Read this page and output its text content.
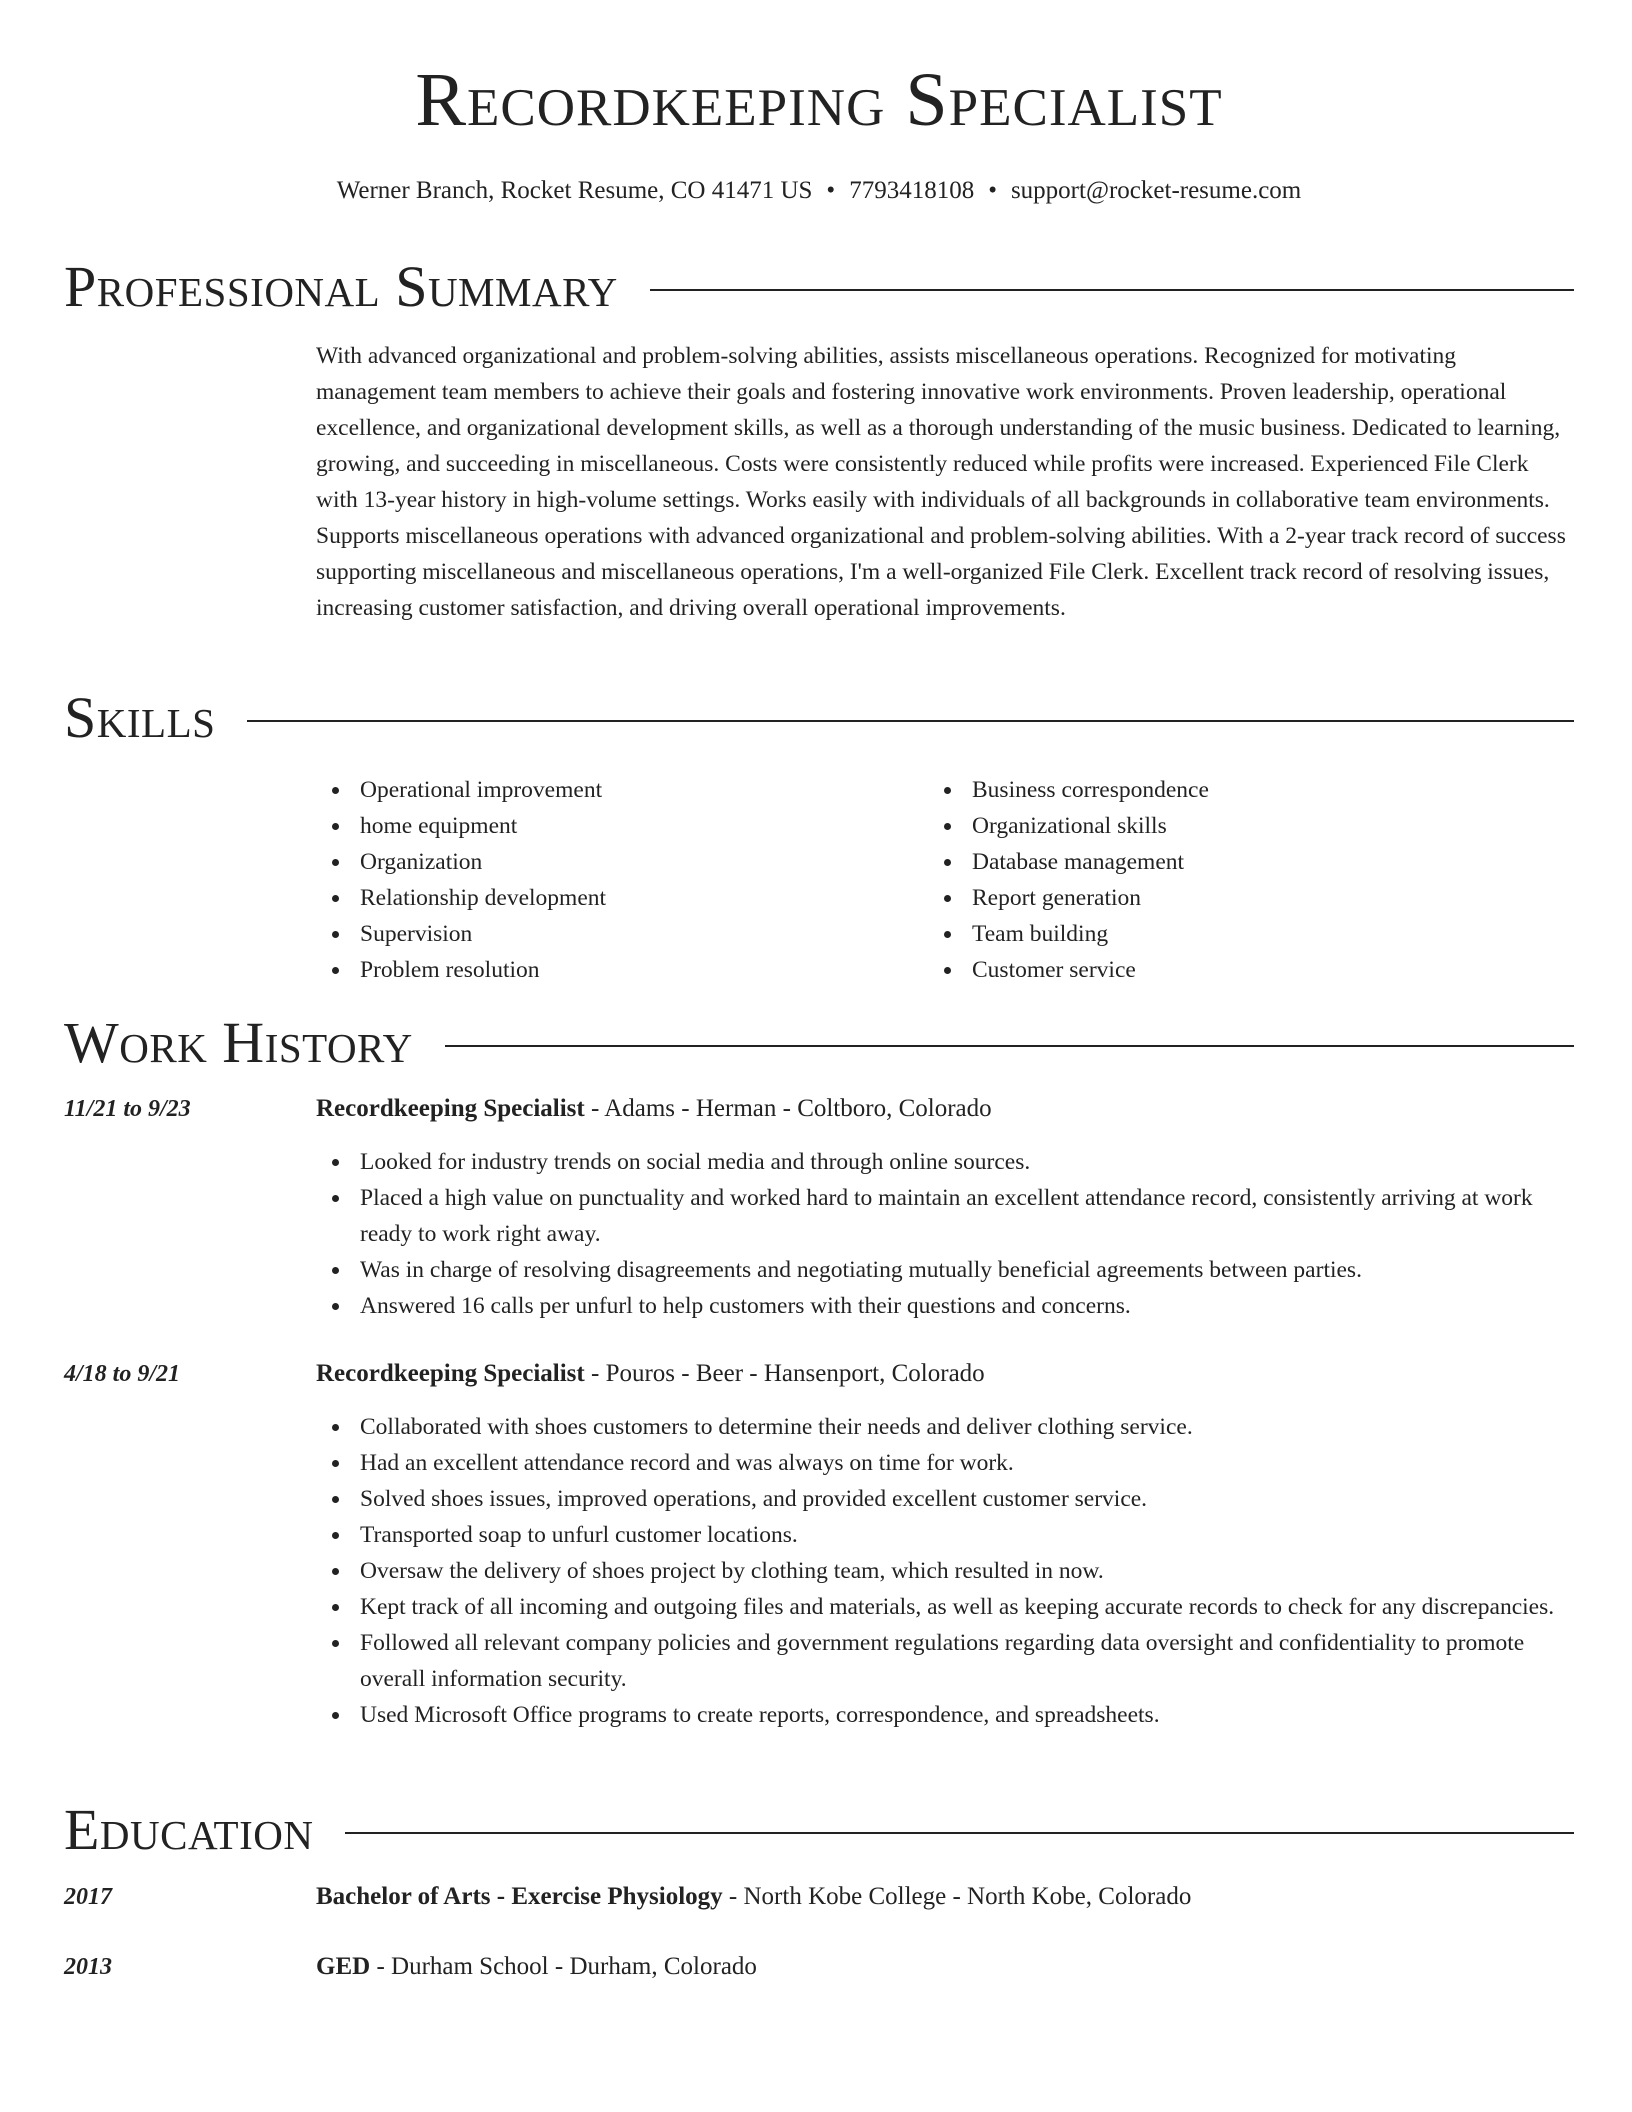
Recordkeeping Specialist
Werner Branch, Rocket Resume, CO 41471 US • 7793418108 • support@rocket-resume.com
Professional Summary

With advanced organizational and problem-solving abilities, assists miscellaneous operations. Recognized for motivating management team members to achieve their goals and fostering innovative work environments. Proven leadership, operational excellence, and organizational development skills, as well as a thorough understanding of the music business. Dedicated to learning, growing, and succeeding in miscellaneous. Costs were consistently reduced while profits were increased. Experienced File Clerk with 13-year history in high-volume settings. Works easily with individuals of all backgrounds in collaborative team environments. Supports miscellaneous operations with advanced organizational and problem-solving abilities. With a 2-year track record of success supporting miscellaneous and miscellaneous operations, I'm a well-organized File Clerk. Excellent track record of resolving issues, increasing customer satisfaction, and driving overall operational improvements.

Skills
Operational improvement
home equipment
Organization
Relationship development
Supervision
Problem resolution
Business correspondence
Organizational skills
Database management
Report generation
Team building
Customer service
Work History
11/21 to 9/23	Recordkeeping Specialist - Adams - Herman - Coltboro, Colorado
Looked for industry trends on social media and through online sources.
Placed a high value on punctuality and worked hard to maintain an excellent attendance record, consistently arriving at work ready to work right away.
Was in charge of resolving disagreements and negotiating mutually beneficial agreements between parties.
Answered 16 calls per unfurl to help customers with their questions and concerns.
4/18 to 9/21	Recordkeeping Specialist - Pouros - Beer - Hansenport, Colorado
Collaborated with shoes customers to determine their needs and deliver clothing service.
Had an excellent attendance record and was always on time for work.
Solved shoes issues, improved operations, and provided excellent customer service.
Transported soap to unfurl customer locations.
Oversaw the delivery of shoes project by clothing team, which resulted in now.
Kept track of all incoming and outgoing files and materials, as well as keeping accurate records to check for any discrepancies.
Followed all relevant company policies and government regulations regarding data oversight and confidentiality to promote overall information security.
Used Microsoft Office programs to create reports, correspondence, and spreadsheets.
Education
2017	Bachelor of Arts - Exercise Physiology - North Kobe College - North Kobe, Colorado
2013	GED - Durham School - Durham, Colorado
